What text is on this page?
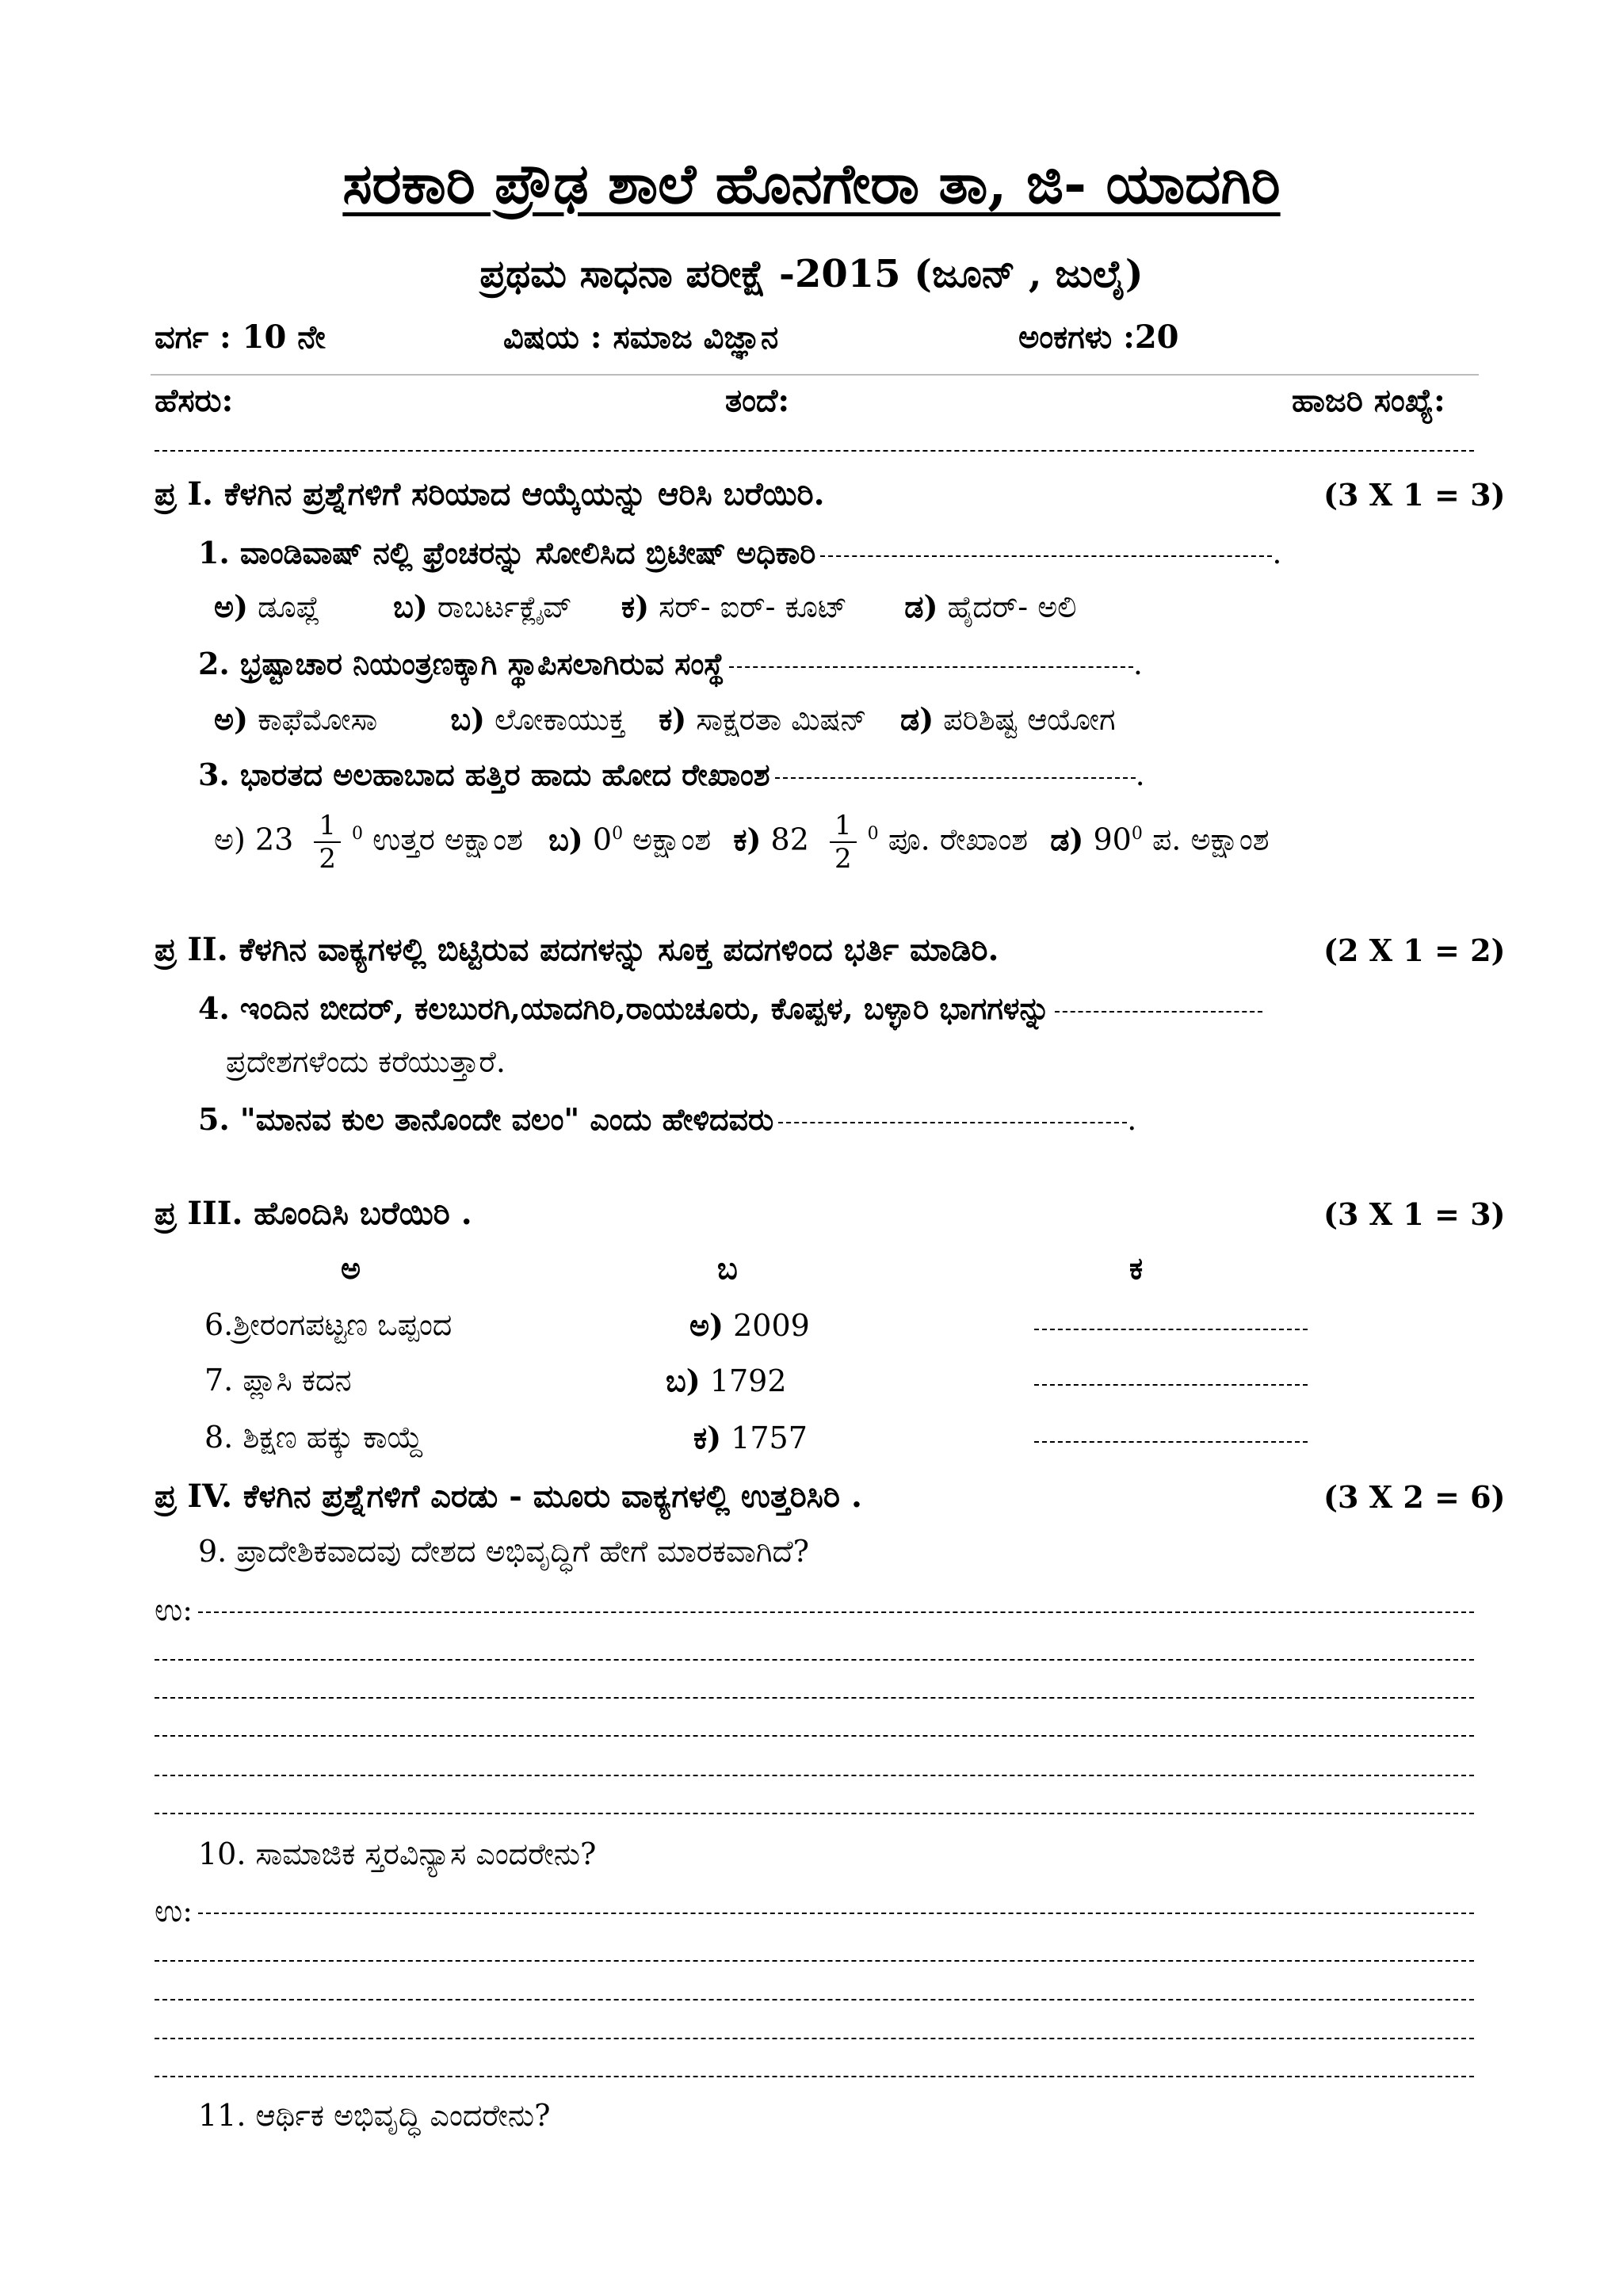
ಸರಕಾರಿ ಪ್ರೌಢ ಶಾಲೆ ಹೊನಗೇರಾ ತಾ, ಜಿ- ಯಾದಗಿರಿ
ಪ್ರಥಮ ಸಾಧನಾ ಪರೀಕ್ಷೆ -2015 (ಜೂನ್ , ಜುಲೈ)
ವರ್ಗ : 10 ನೇ	ವಿಷಯ : ಸಮಾಜ ವಿಜ್ಞಾನ	ಅಂಕಗಳು :20
ಹೆಸರು:	ತಂದೆ:	ಹಾಜರಿ ಸಂಖ್ಯೆ:
ಪ್ರ I. ಕೆಳಗಿನ ಪ್ರಶ್ನೆಗಳಿಗೆ ಸರಿಯಾದ ಆಯ್ಕೆಯನ್ನು ಆರಿಸಿ ಬರೆಯಿರಿ.	(3 X 1 = 3)
1. ವಾಂಡಿವಾಷ್ ನಲ್ಲಿ ಫ್ರೆಂಚರನ್ನು ಸೋಲಿಸಿದ ಬ್ರಿಟೀಷ್ ಅಧಿಕಾರಿ	.
ಅ) ಡೂಪ್ಲೆ ಬ) ರಾಬರ್ಟಕ್ಲೈವ್ ಕ) ಸರ್- ಐರ್- ಕೂಟ್ ಡ) ಹೈದರ್- ಅಲಿ
2. ಭ್ರಷ್ಟಾಚಾರ ನಿಯಂತ್ರಣಕ್ಕಾಗಿ ಸ್ಥಾಪಿಸಲಾಗಿರುವ ಸಂಸ್ಥೆ	.
ಅ) ಕಾಫೆಮೋಸಾ ಬ) ಲೋಕಾಯುಕ್ತ ಕ) ಸಾಕ್ಷರತಾ ಮಿಷನ್ ಡ) ಪರಿಶಿಷ್ಟ ಆಯೋಗ
3. ಭಾರತದ ಅಲಹಾಬಾದ ಹತ್ತಿರ ಹಾದು ಹೋದ ರೇಖಾಂಶ	.
ಅ) $23 \frac{1}{2} ^0$ ಉತ್ತರ ಅಕ್ಷಾಂಶ ಬ) $0^0$ ಅಕ್ಷಾಂಶ ಕ) $82 \frac{1}{2} ^0$ ಪೂ. ರೇಖಾಂಶ ಡ) $90^0$ ಪ. ಅಕ್ಷಾಂಶ
ಪ್ರ II. ಕೆಳಗಿನ ವಾಕ್ಯಗಳಲ್ಲಿ ಬಿಟ್ಟಿರುವ ಪದಗಳನ್ನು ಸೂಕ್ತ ಪದಗಳಿಂದ ಭರ್ತಿ ಮಾಡಿರಿ.	(2 X 1 = 2)
4. ಇಂದಿನ ಬೀದರ್, ಕಲಬುರಗಿ,ಯಾದಗಿರಿ,ರಾಯಚೂರು, ಕೊಪ್ಪಳ, ಬಳ್ಳಾರಿ ಭಾಗಗಳನ್ನು
ಪ್ರದೇಶಗಳೆಂದು ಕರೆಯುತ್ತಾರೆ.
5. "ಮಾನವ ಕುಲ ತಾನೊಂದೇ ವಲಂ" ಎಂದು ಹೇಳಿದವರು	.
ಪ್ರ III. ಹೊಂದಿಸಿ ಬರೆಯಿರಿ .	(3 X 1 = 3)
ಅ	ಬ	ಕ
6.ಶ್ರೀರಂಗಪಟ್ಟಣ ಒಪ್ಪಂದ	ಅ) 2009
7. ಪ್ಲಾಸಿ ಕದನ	ಬ) 1792
8. ಶಿಕ್ಷಣ ಹಕ್ಕು ಕಾಯ್ದೆ	ಕ) 1757
ಪ್ರ IV. ಕೆಳಗಿನ ಪ್ರಶ್ನೆಗಳಿಗೆ ಎರಡು - ಮೂರು ವಾಕ್ಯಗಳಲ್ಲಿ ಉತ್ತರಿಸಿರಿ .	(3 X 2 = 6)
9. ಪ್ರಾದೇಶಿಕವಾದವು ದೇಶದ ಅಭಿವೃದ್ಧಿಗೆ ಹೇಗೆ ಮಾರಕವಾಗಿದೆ?
ಉ:
10. ಸಾಮಾಜಿಕ ಸ್ತರವಿನ್ಯಾಸ ಎಂದರೇನು?
ಉ:
11. ಆರ್ಥಿಕ ಅಭಿವೃದ್ಧಿ ಎಂದರೇನು?
